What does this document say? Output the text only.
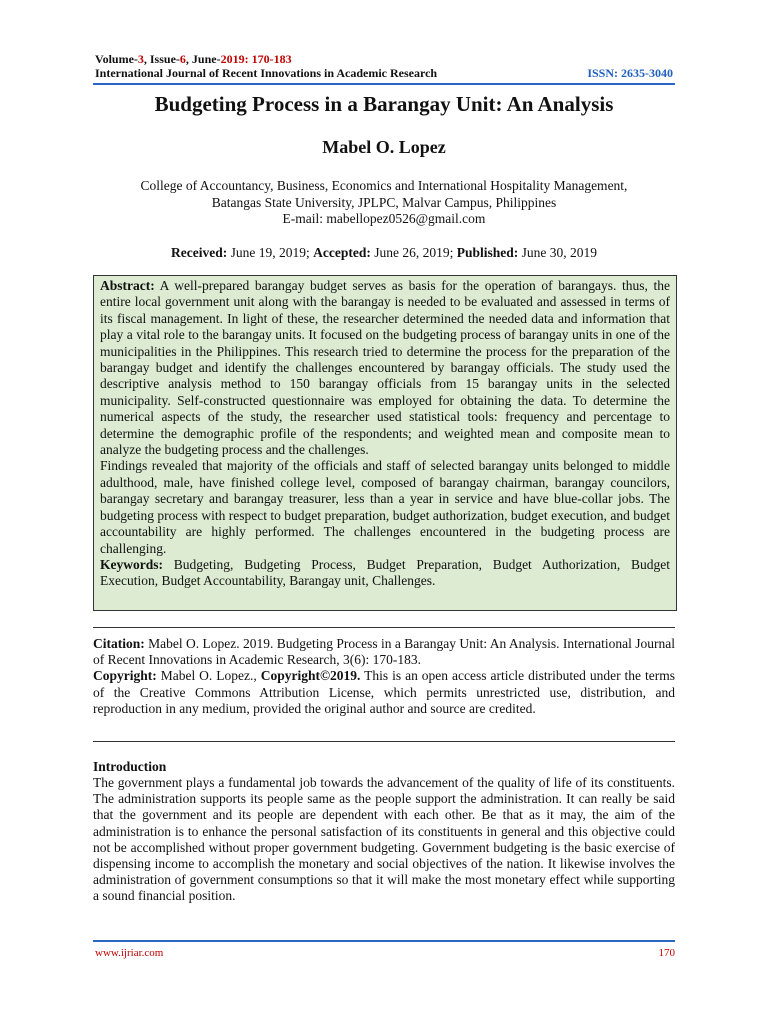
Volume-3, Issue-6, June-2019: 170-183
International Journal of Recent Innovations in Academic Research	ISSN: 2635-3040
Budgeting Process in a Barangay Unit: An Analysis
Mabel O. Lopez
College of Accountancy, Business, Economics and International Hospitality Management,
Batangas State University, JPLPC, Malvar Campus, Philippines
E-mail: mabellopez0526@gmail.com
Received: June 19, 2019; Accepted: June 26, 2019; Published: June 30, 2019

Abstract: A well-prepared barangay budget serves as basis for the operation of barangays. thus, the entire local government unit along with the barangay is needed to be evaluated and assessed in terms of its fiscal management. In light of these, the researcher determined the needed data and information that play a vital role to the barangay units. It focused on the budgeting process of barangay units in one of the municipalities in the Philippines. This research tried to determine the process for the preparation of the barangay budget and identify the challenges encountered by barangay officials. The study used the descriptive analysis method to 150 barangay officials from 15 barangay units in the selected municipality. Self-constructed questionnaire was employed for obtaining the data. To determine the numerical aspects of the study, the researcher used statistical tools: frequency and percentage to determine the demographic profile of the respondents; and weighted mean and composite mean to analyze the budgeting process and the challenges.

Findings revealed that majority of the officials and staff of selected barangay units belonged to middle adulthood, male, have finished college level, composed of barangay chairman, barangay councilors, barangay secretary and barangay treasurer, less than a year in service and have blue-collar jobs. The budgeting process with respect to budget preparation, budget authorization, budget execution, and budget accountability are highly performed. The challenges encountered in the budgeting process are challenging.

Keywords: Budgeting, Budgeting Process, Budget Preparation, Budget Authorization, Budget Execution, Budget Accountability, Barangay unit, Challenges.

Citation: Mabel O. Lopez. 2019. Budgeting Process in a Barangay Unit: An Analysis. International Journal of Recent Innovations in Academic Research, 3(6): 170-183.

Copyright: Mabel O. Lopez., Copyright©2019. This is an open access article distributed under the terms of the Creative Commons Attribution License, which permits unrestricted use, distribution, and reproduction in any medium, provided the original author and source are credited.

Introduction

The government plays a fundamental job towards the advancement of the quality of life of its constituents. The administration supports its people same as the people support the administration. It can really be said that the government and its people are dependent with each other. Be that as it may, the aim of the administration is to enhance the personal satisfaction of its constituents in general and this objective could not be accomplished without proper government budgeting. Government budgeting is the basic exercise of dispensing income to accomplish the monetary and social objectives of the nation. It likewise involves the administration of government consumptions so that it will make the most monetary effect while supporting a sound financial position.

www.ijriar.com	170
